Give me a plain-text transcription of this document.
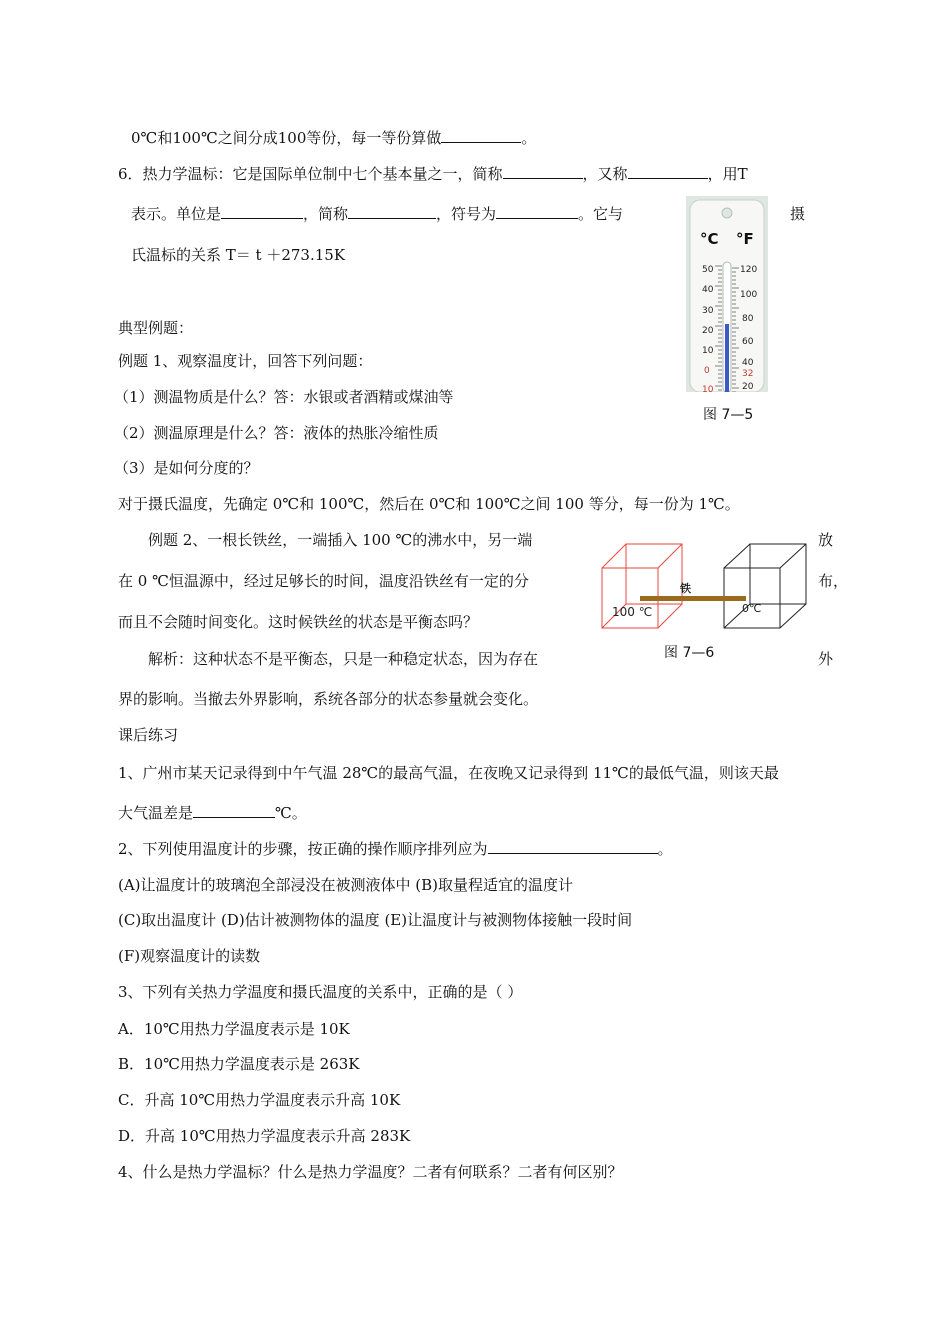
0℃和100℃之间分成100等份，每一等份算做	。
6．热力学温标：它是国际单位制中七个基本量之一，简称	，又称	，用T
表示。单位是	，简称	，符号为	。它与	摄
氏温标的关系 T＝ t ＋273.15K
典型例题：
例题 1、观察温度计，回答下列问题：
（1）测温物质是什么？答：水银或者酒精或煤油等
（2）测温原理是什么？答：液体的热胀冷缩性质
（3）是如何分度的？
对于摄氏温度，先确定 0℃和 100℃，然后在 0℃和 100℃之间 100 等分，每一份为 1℃。
例题 2、一根长铁丝，一端插入 100 ℃的沸水中，另一端	放
在 0 ℃恒温源中，经过足够长的时间，温度沿铁丝有一定的分	布，
而且不会随时间变化。这时候铁丝的状态是平衡态吗？
解析：这种状态不是平衡态，只是一种稳定状态，因为存在	外
界的影响。当撤去外界影响，系统各部分的状态参量就会变化。
课后练习
1、广州市某天记录得到中午气温 28℃的最高气温，在夜晚又记录得到 11℃的最低气温，则该天最
大气温差是	℃。
2、下列使用温度计的步骤，按正确的操作顺序排列应为	。
(A)让温度计的玻璃泡全部浸没在被测液体中 (B)取量程适宜的温度计
(C)取出温度计 (D)估计被测物体的温度 (E)让温度计与被测物体接触一段时间
(F)观察温度计的读数
3、下列有关热力学温度和摄氏温度的关系中，正确的是（ ）
A．10℃用热力学温度表示是 10K
B．10℃用热力学温度表示是 263K
C．升高 10℃用热力学温度表示升高 10K
D．升高 10℃用热力学温度表示升高 283K
4、什么是热力学温标？什么是热力学温度？二者有何联系？二者有何区别？
°C °F
50
40
30
20
10
0
10
120
100
80
60
40
32
20
图 7—5
铁
100 ℃	0℃
图 7—6
